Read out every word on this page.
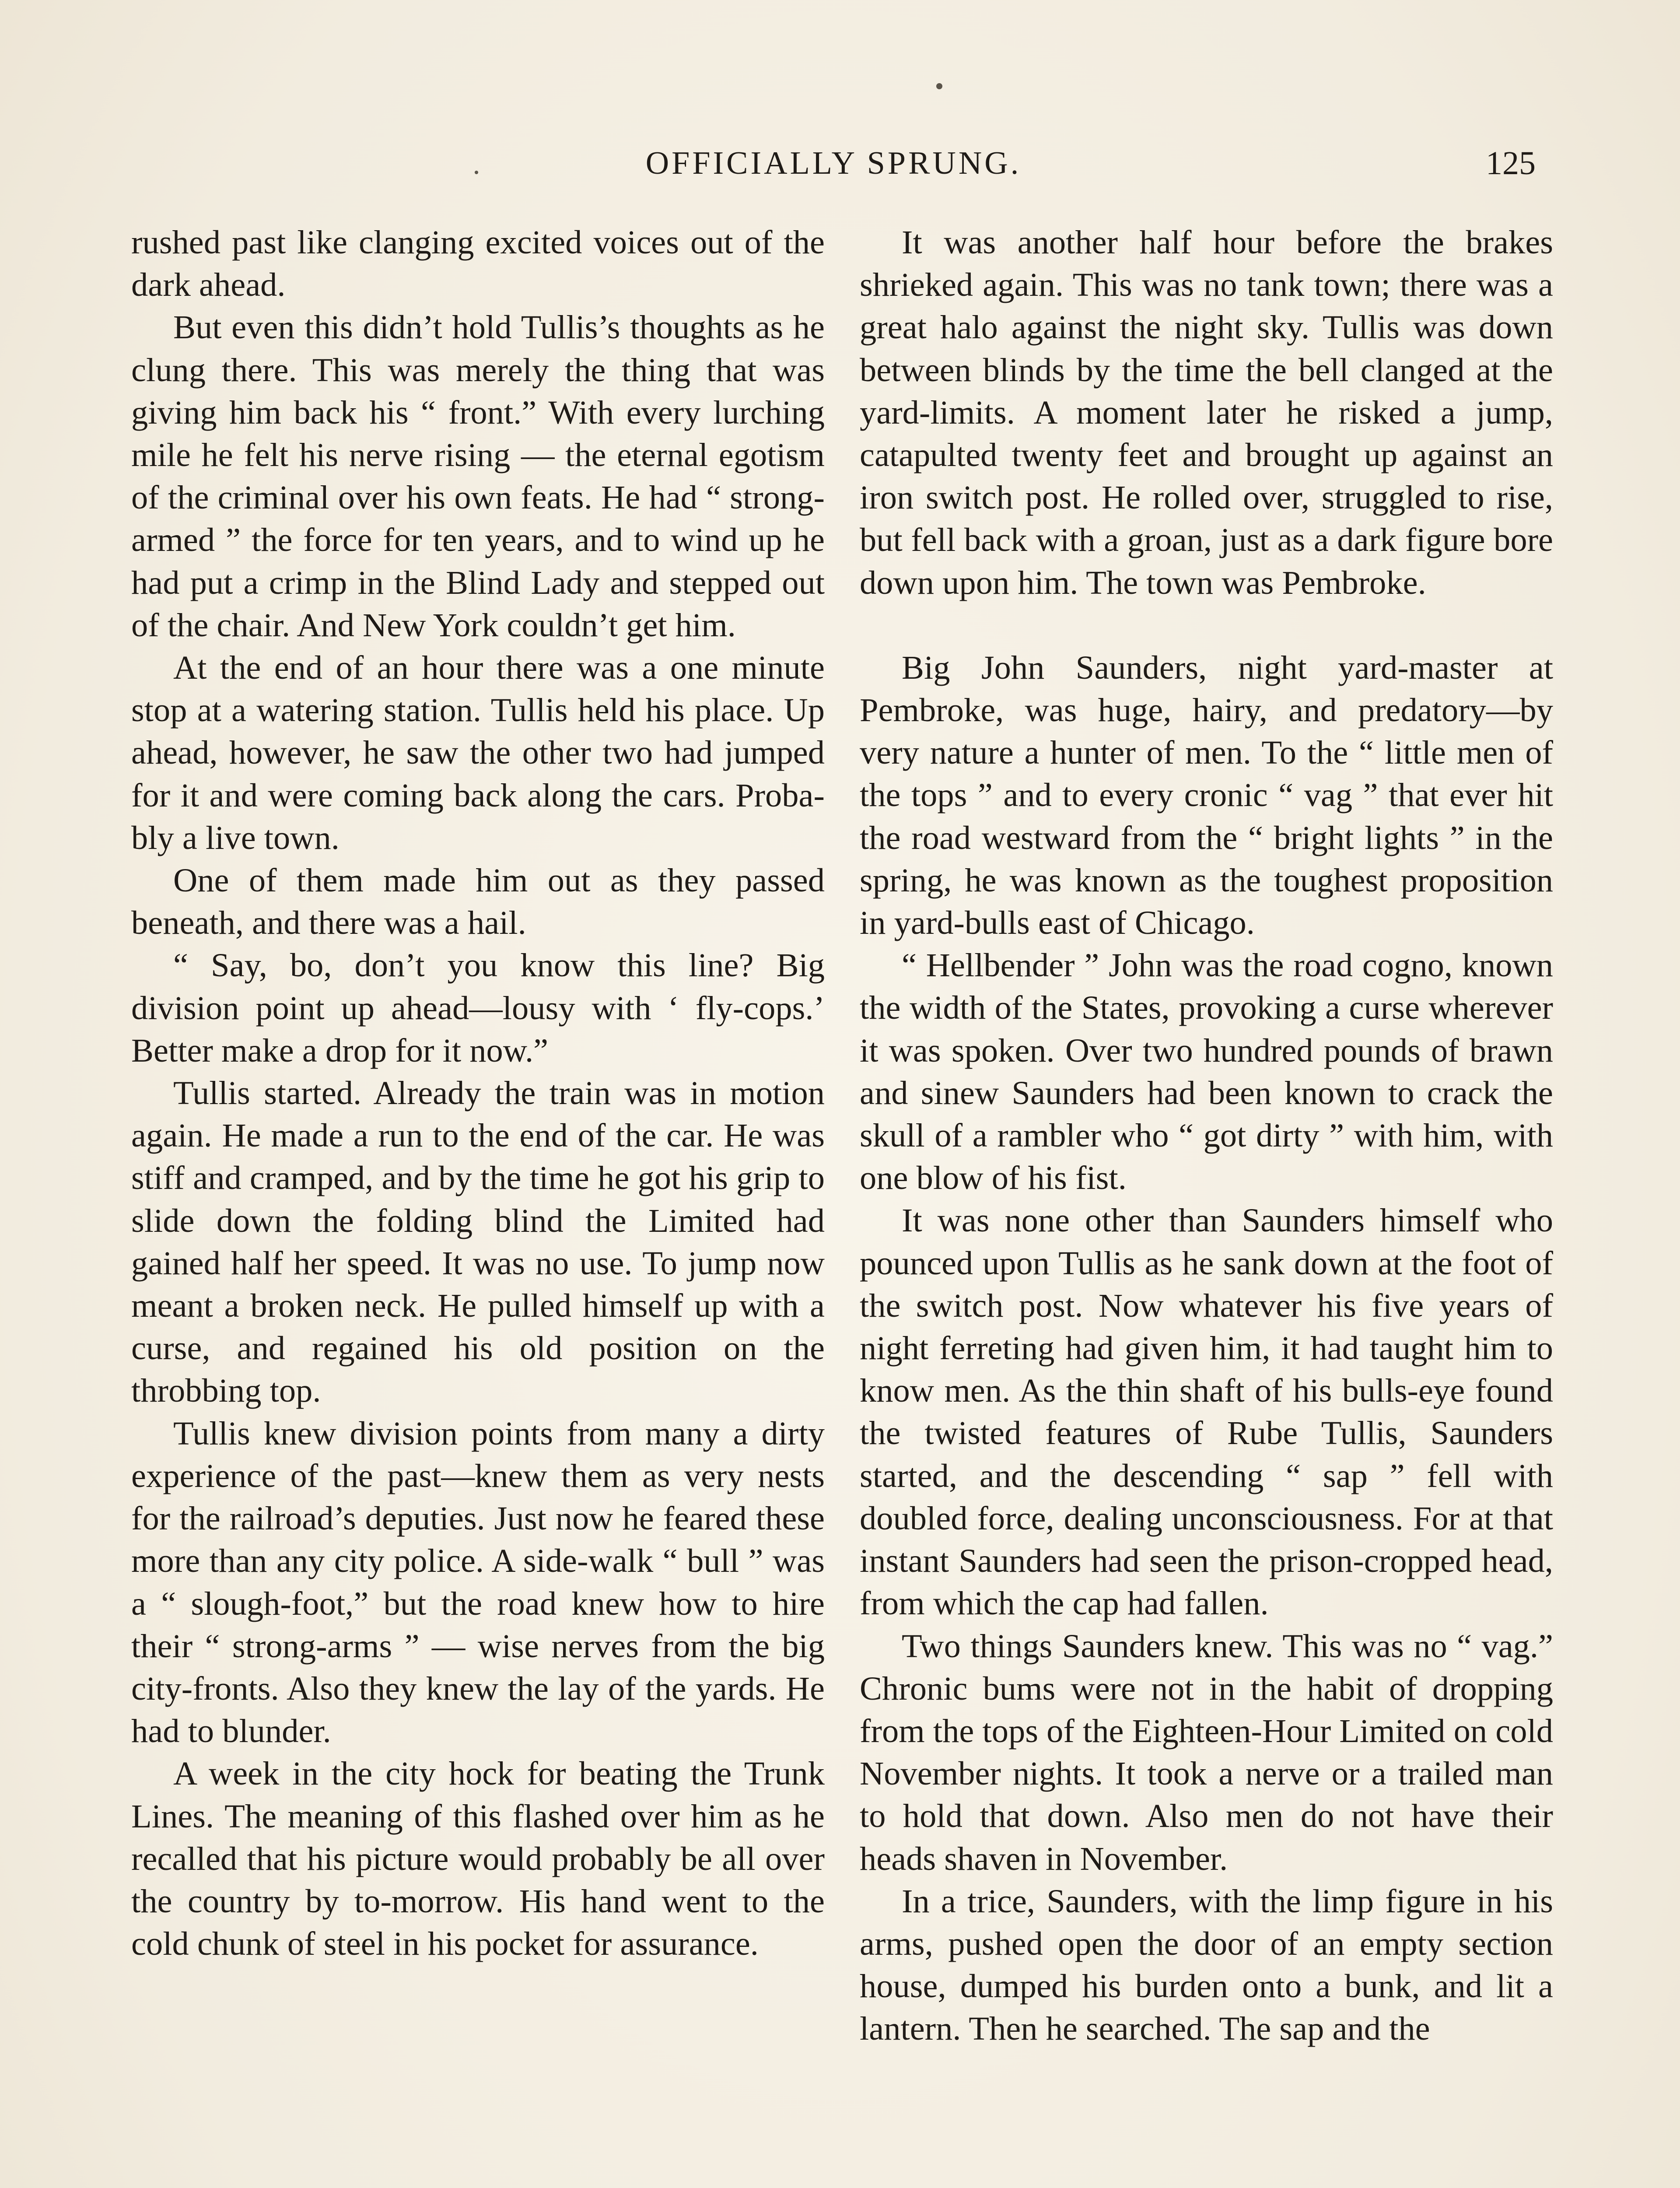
OFFICIALLY SPRUNG.	125

rushed past like clanging excited voices out of the dark ahead.

But even this didn’t hold Tullis’s thoughts as he clung there. This was merely the thing that was giving him back his “ front.” With every lurching mile he felt his nerve rising — the eternal egotism of the criminal over his own feats. He had “ strong-armed ” the force for ten years, and to wind up he had put a crimp in the Blind Lady and stepped out of the chair. And New York couldn’t get him.

At the end of an hour there was a one minute stop at a watering station. Tullis held his place. Up ahead, however, he saw the other two had jumped for it and were coming back along the cars. Probably a live town.

One of them made him out as they passed beneath, and there was a hail.

“ Say, bo, don’t you know this line? Big division point up ahead—lousy with ‘ fly-cops.’ Better make a drop for it now.”

Tullis started. Already the train was in motion again. He made a run to the end of the car. He was stiff and cramped, and by the time he got his grip to slide down the folding blind the Limited had gained half her speed. It was no use. To jump now meant a broken neck. He pulled himself up with a curse, and regained his old position on the throbbing top.

Tullis knew division points from many a dirty experience of the past—knew them as very nests for the railroad’s deputies. Just now he feared these more than any city police. A side-walk “ bull ” was a “ slough-foot,” but the road knew how to hire their “ strong-arms ” — wise nerves from the big city-fronts. Also they knew the lay of the yards. He had to blunder.

A week in the city hock for beating the Trunk Lines. The meaning of this flashed over him as he recalled that his picture would probably be all over the country by to-morrow. His hand went to the cold chunk of steel in his pocket for assurance.

It was another half hour before the brakes shrieked again. This was no tank town; there was a great halo against the night sky. Tullis was down between blinds by the time the bell clanged at the yard-limits. A moment later he risked a jump, catapulted twenty feet and brought up against an iron switch post. He rolled over, struggled to rise, but fell back with a groan, just as a dark figure bore down upon him. The town was Pembroke.

Big John Saunders, night yard-master at Pembroke, was huge, hairy, and predatory—by very nature a hunter of men. To the “ little men of the tops ” and to every cronic “ vag ” that ever hit the road westward from the “ bright lights ” in the spring, he was known as the toughest proposition in yard-bulls east of Chicago.

“ Hellbender ” John was the road cogno, known the width of the States, provoking a curse wherever it was spoken. Over two hundred pounds of brawn and sinew Saunders had been known to crack the skull of a rambler who “ got dirty ” with him, with one blow of his fist.

It was none other than Saunders himself who pounced upon Tullis as he sank down at the foot of the switch post. Now whatever his five years of night ferreting had given him, it had taught him to know men. As the thin shaft of his bulls-eye found the twisted features of Rube Tullis, Saunders started, and the descending “ sap ” fell with doubled force, dealing unconsciousness. For at that instant Saunders had seen the prison-cropped head, from which the cap had fallen.

Two things Saunders knew. This was no “ vag.” Chronic bums were not in the habit of dropping from the tops of the Eighteen-Hour Limited on cold November nights. It took a nerve or a trailed man to hold that down. Also men do not have their heads shaven in November.

In a trice, Saunders, with the limp figure in his arms, pushed open the door of an empty section house, dumped his burden onto a bunk, and lit a lantern. Then he searched. The sap and the
